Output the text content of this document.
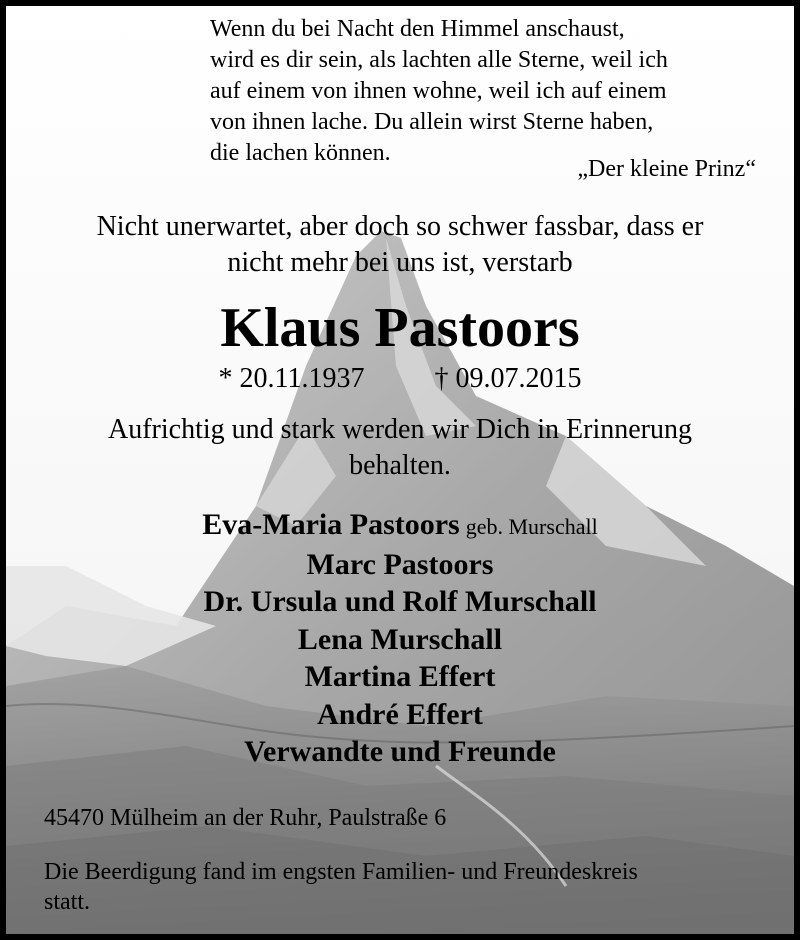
Wenn du bei Nacht den Himmel anschaust,
wird es dir sein, als lachten alle Sterne, weil ich
auf einem von ihnen wohne, weil ich auf einem
von ihnen lache. Du allein wirst Sterne haben,
die lachen können.
„Der kleine Prinz“
Nicht unerwartet, aber doch so schwer fassbar, dass er
nicht mehr bei uns ist, verstarb
Klaus Pastoors
* 20.11.1937	† 09.07.2015
Aufrichtig und stark werden wir Dich in Erinnerung
behalten.
Eva-Maria Pastoors geb. Murschall
Marc Pastoors
Dr. Ursula und Rolf Murschall
Lena Murschall
Martina Effert
André Effert
Verwandte und Freunde
45470 Mülheim an der Ruhr, Paulstraße 6
Die Beerdigung fand im engsten Familien- und Freundeskreis
statt.
